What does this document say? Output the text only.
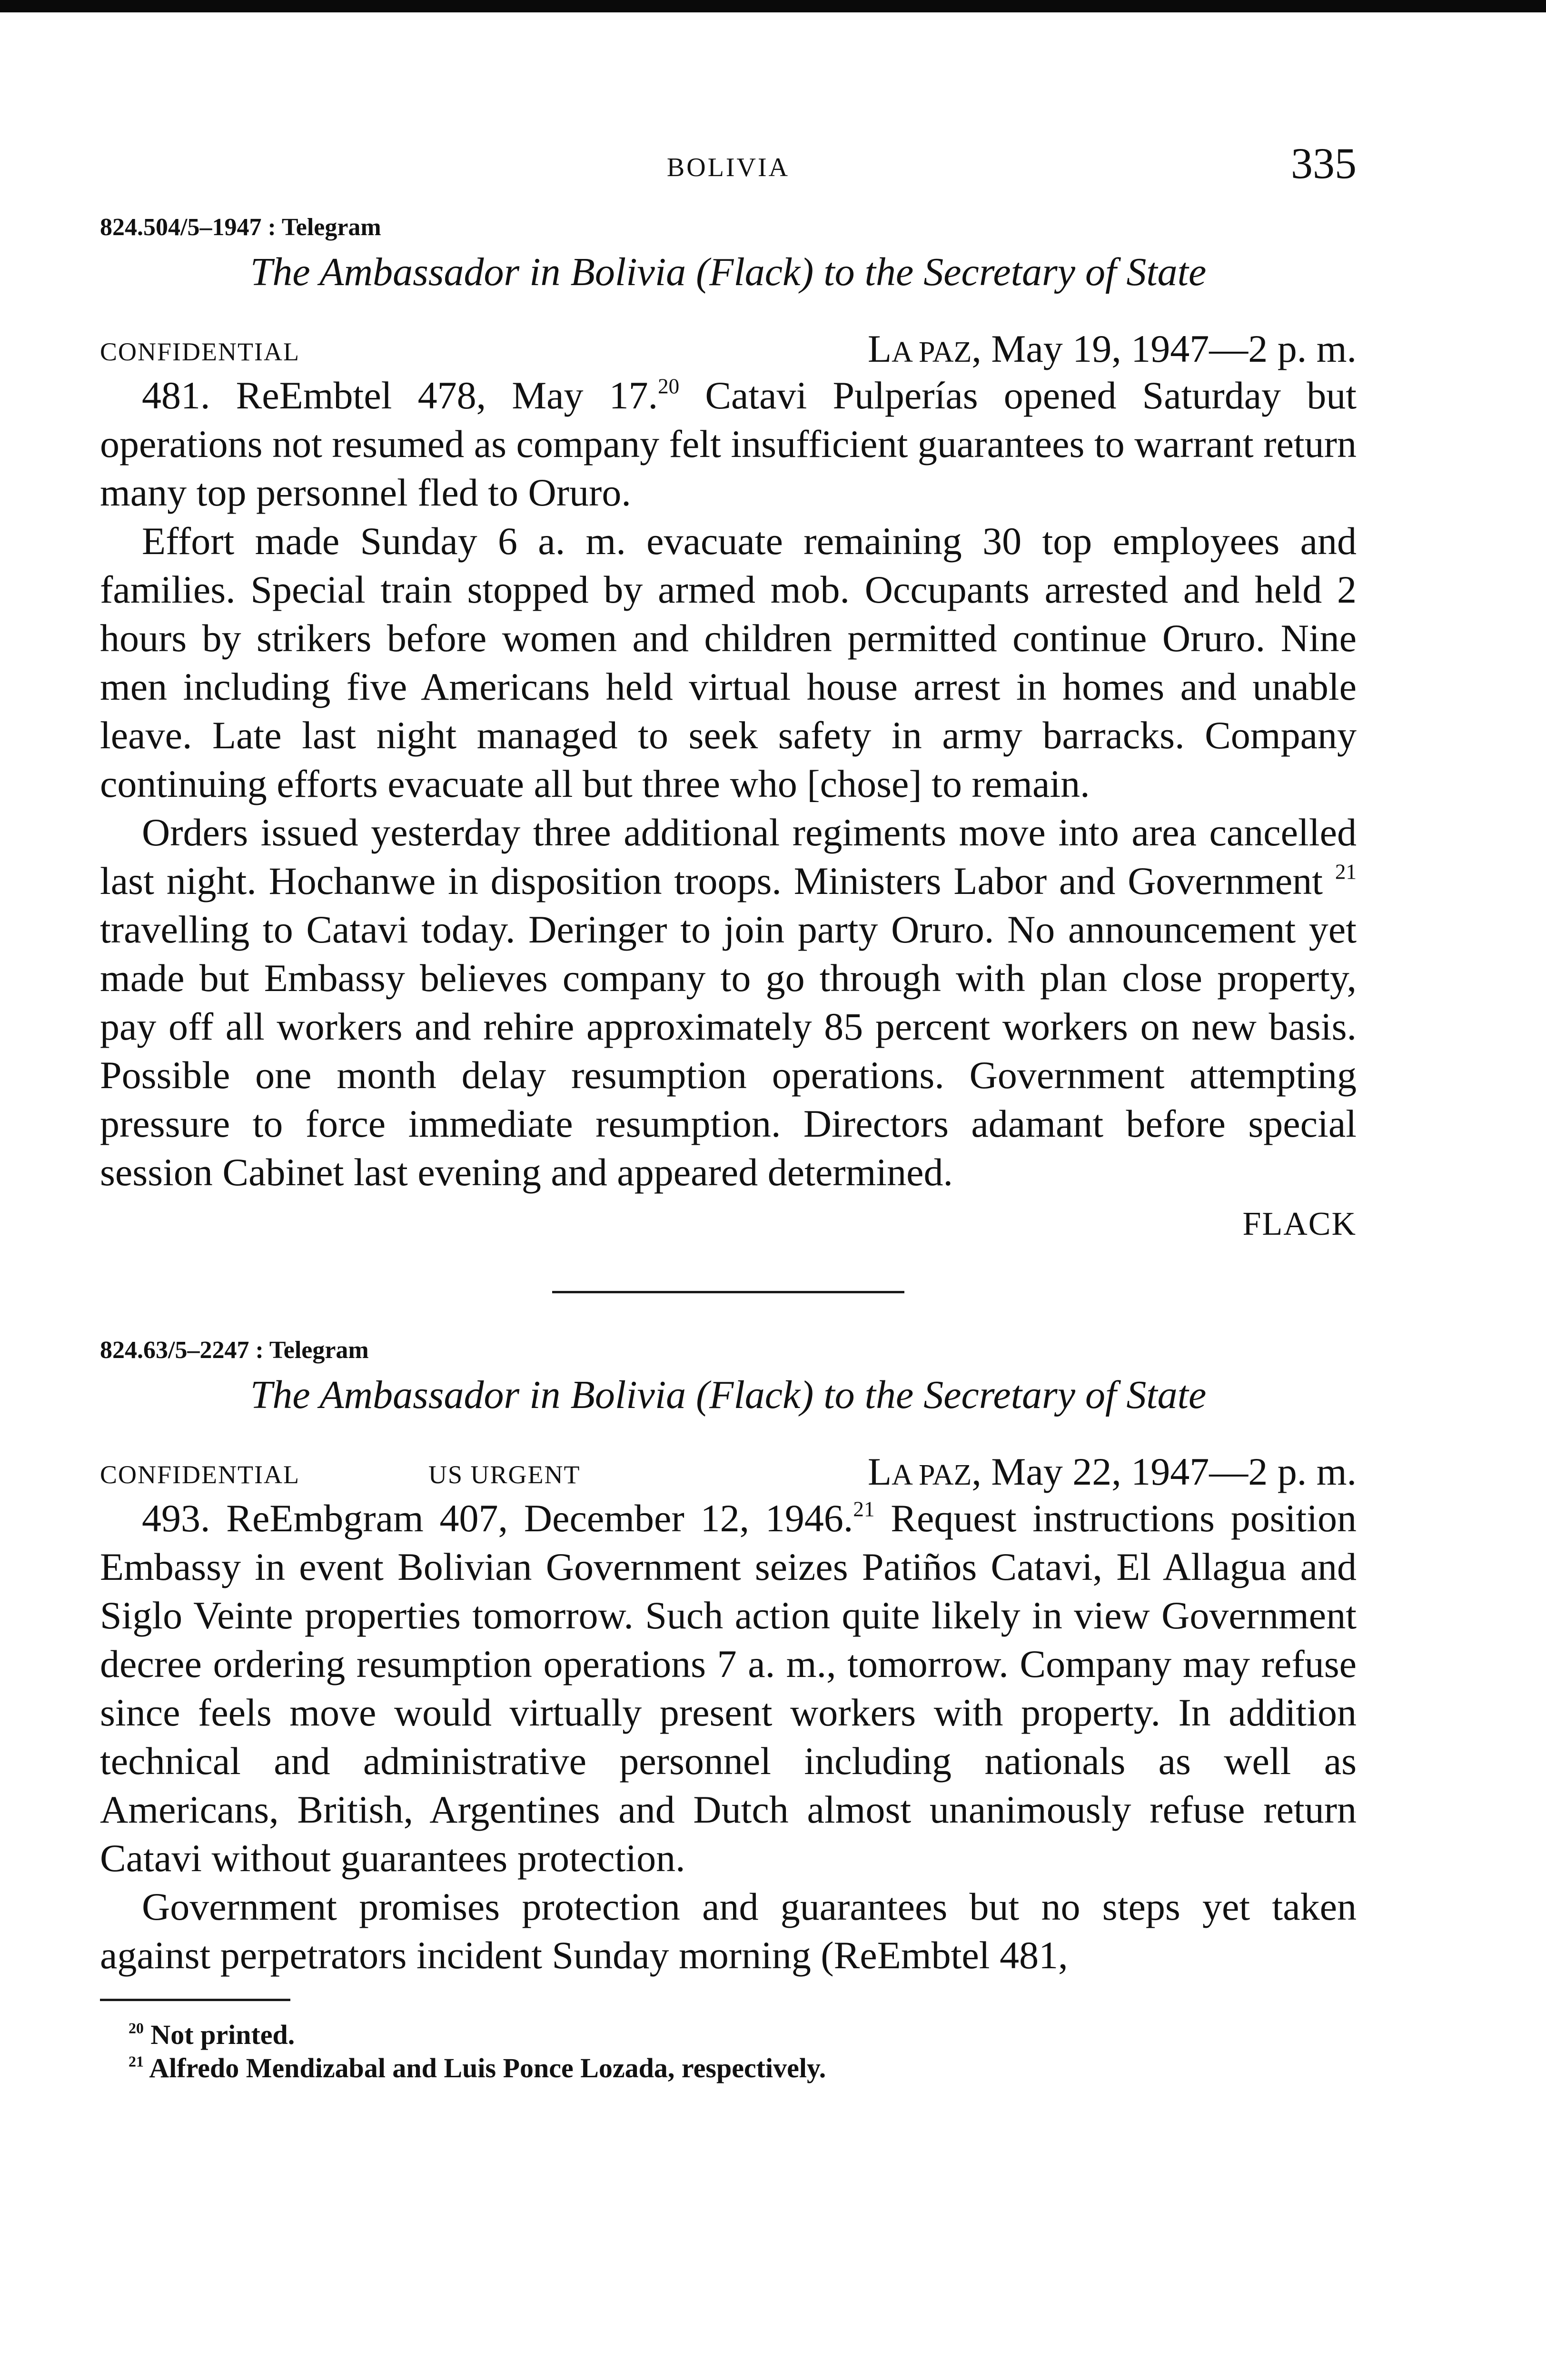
BOLIVIA	335
824.504/5–1947 : Telegram
The Ambassador in Bolivia (Flack) to the Secretary of State
CONFIDENTIAL	LA PAZ, May 19, 1947—2 p. m.

481. ReEmbtel 478, May 17.20 Catavi Pulperías opened Saturday but operations not resumed as company felt insufficient guarantees to warrant return many top personnel fled to Oruro.

Effort made Sunday 6 a. m. evacuate remaining 30 top employees and families. Special train stopped by armed mob. Occupants arrested and held 2 hours by strikers before women and children permitted continue Oruro. Nine men including five Americans held virtual house arrest in homes and unable leave. Late last night managed to seek safety in army barracks. Company continuing efforts evacuate all but three who [chose] to remain.

Orders issued yesterday three additional regiments move into area cancelled last night. Hochanwe in disposition troops. Ministers Labor and Government $^{21}$ travelling to Catavi today. Deringer to join party Oruro. No announcement yet made but Embassy believes company to go through with plan close property, pay off all workers and rehire approximately 85 percent workers on new basis. Possible one month delay resumption operations. Government attempting pressure to force immediate resumption. Directors adamant before special session Cabinet last evening and appeared determined.

FLACK
824.63/5–2247 : Telegram
The Ambassador in Bolivia (Flack) to the Secretary of State
CONFIDENTIAL	US URGENT	LA PAZ, May 22, 1947—2 p. m.

493. ReEmbgram 407, December 12, 1946.21 Request instructions position Embassy in event Bolivian Government seizes Patiños Catavi, El Allagua and Siglo Veinte properties tomorrow. Such action quite likely in view Government decree ordering resumption operations 7 a. m., tomorrow. Company may refuse since feels move would virtually present workers with property. In addition technical and administrative personnel including nationals as well as Americans, British, Argentines and Dutch almost unanimously refuse return Catavi without guarantees protection.

Government promises protection and guarantees but no steps yet taken against perpetrators incident Sunday morning (ReEmbtel 481,

$^{20}$ Not printed.
$^{21}$ Alfredo Mendizabal and Luis Ponce Lozada, respectively.
